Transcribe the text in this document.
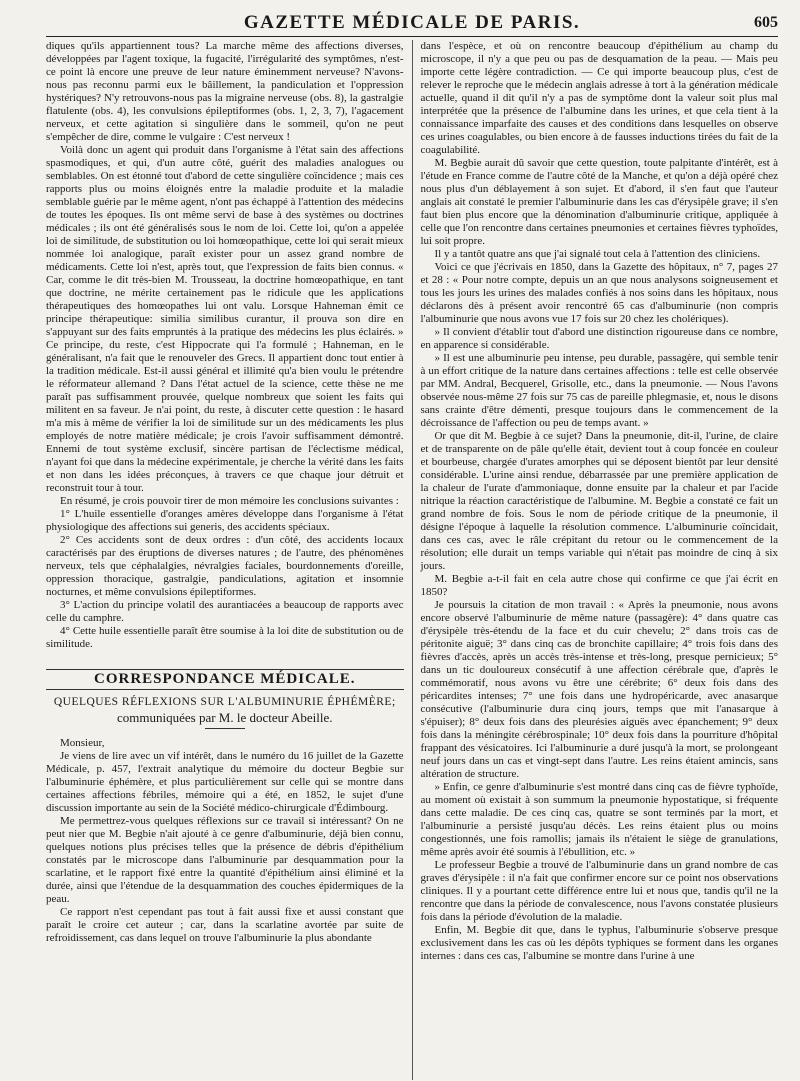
GAZETTE MÉDICALE DE PARIS.	605

diques qu'ils appartiennent tous? La marche même des affections diverses, développées par l'agent toxique, la fugacité, l'irrégularité des symptômes, n'est-ce point là encore une preuve de leur nature éminemment nerveuse? N'avons-nous pas reconnu parmi eux le bâillement, la pandiculation et l'oppression hystériques? N'y retrouvons-nous pas la migraine nerveuse (obs. 8), la gastralgie flatulente (obs. 4), les convulsions épileptiformes (obs. 1, 2, 3, 7), l'agacement nerveux, et cette agitation si singulière dans le sommeil, qu'on ne peut s'empêcher de dire, comme le vulgaire : C'est nerveux !

Voilà donc un agent qui produit dans l'organisme à l'état sain des affections spasmodiques, et qui, d'un autre côté, guérit des maladies analogues ou semblables. On est étonné tout d'abord de cette singulière coïncidence ; mais ces rapports plus ou moins éloignés entre la maladie produite et la maladie semblable guérie par le même agent, n'ont pas échappé à l'attention des médecins de toutes les époques. Ils ont même servi de base à des systèmes ou doctrines médicales ; ils ont été généralisés sous le nom de loi. Cette loi, qu'on a appelée loi de similitude, de substitution ou loi homœopathique, cette loi qui serait mieux nommée loi analogique, paraît exister pour un assez grand nombre de médicaments. Cette loi n'est, après tout, que l'expression de faits bien connus. « Car, comme le dit très-bien M. Trousseau, la doctrine homœopathique, en tant que doctrine, ne mérite certainement pas le ridicule que les applications thérapeutiques des homœopathes lui ont valu. Lorsque Hahneman émit ce principe thérapeutique: similia similibus curantur, il prouva son dire en s'appuyant sur des faits empruntés à la pratique des médecins les plus éclairés. » Ce principe, du reste, c'est Hippocrate qui l'a formulé ; Hahneman, en le généralisant, n'a fait que le renouveler des Grecs. Il appartient donc tout entier à la tradition médicale. Est-il aussi général et illimité qu'a bien voulu le prétendre le réformateur allemand ? Dans l'état actuel de la science, cette thèse ne me paraît pas suffisamment prouvée, quelque nombreux que soient les faits qui militent en sa faveur. Je n'ai point, du reste, à discuter cette question : le hasard m'a mis à même de vérifier la loi de similitude sur un des médicaments les plus employés de notre matière médicale; je crois l'avoir suffisamment démontré. Ennemi de tout système exclusif, sincère partisan de l'éclectisme médical, n'ayant foi que dans la médecine expérimentale, je cherche la vérité dans les faits et non dans les idées préconçues, à travers ce que chaque jour détruit et reconstruit tour à tour.

En résumé, je crois pouvoir tirer de mon mémoire les conclusions suivantes :

1° L'huile essentielle d'oranges amères développe dans l'organisme à l'état physiologique des affections sui generis, des accidents spéciaux.

2° Ces accidents sont de deux ordres : d'un côté, des accidents locaux caractérisés par des éruptions de diverses natures ; de l'autre, des phénomènes nerveux, tels que céphalalgies, névralgies faciales, bourdonnements d'oreille, oppression thoracique, gastralgie, pandiculations, agitation et insomnie nocturnes, et même convulsions épileptiformes.

3° L'action du principe volatil des aurantiacées a beaucoup de rapports avec celle du camphre.

4° Cette huile essentielle paraît être soumise à la loi dite de substitution ou de similitude.

CORRESPONDANCE MÉDICALE.
QUELQUES RÉFLEXIONS SUR L'ALBUMINURIE ÉPHÉMÈRE;
communiquées par M. le docteur Abeille.

Monsieur,

Je viens de lire avec un vif intérêt, dans le numéro du 16 juillet de la Gazette Médicale, p. 457, l'extrait analytique du mémoire du docteur Begbie sur l'albuminurie éphémère, et plus particulièrement sur celle qui se montre dans certaines affections fébriles, mémoire qui a été, en 1852, le sujet d'une discussion importante au sein de la Société médico-chirurgicale d'Édimbourg.

Me permettrez-vous quelques réflexions sur ce travail si intéressant? On ne peut nier que M. Begbie n'ait ajouté à ce genre d'albuminurie, déjà bien connu, quelques notions plus précises telles que la présence de débris d'épithélium constatés par le microscope dans l'albuminurie par desquammation pour la scarlatine, et le rapport fixé entre la quantité d'épithélium ainsi éliminé et la durée, ainsi que l'étendue de la desquammation des couches épidermiques de la peau.

Ce rapport n'est cependant pas tout à fait aussi fixe et aussi constant que paraît le croire cet auteur ; car, dans la scarlatine avortée par suite de refroidissement, cas dans lequel on trouve l'albuminurie la plus abondante

dans l'espèce, et où on rencontre beaucoup d'épithélium au champ du microscope, il n'y a que peu ou pas de desquamation de la peau. — Mais peu importe cette légère contradiction. — Ce qui importe beaucoup plus, c'est de relever le reproche que le médecin anglais adresse à tort à la génération médicale actuelle, quand il dit qu'il n'y a pas de symptôme dont la valeur soit plus mal interprétée que la présence de l'albumine dans les urines, et que cela tient à la connaissance imparfaite des causes et des conditions dans lesquelles on observe ces urines coagulables, ou bien encore à de fausses inductions tirées du fait de la coagulabilité.

M. Begbie aurait dû savoir que cette question, toute palpitante d'intérêt, est à l'étude en France comme de l'autre côté de la Manche, et qu'on a déjà opéré chez nous plus d'un déblayement à son sujet. Et d'abord, il s'en faut que l'auteur anglais ait constaté le premier l'albuminurie dans les cas d'érysipèle grave; il s'en faut bien plus encore que la dénomination d'albuminurie critique, appliquée à celle que l'on rencontre dans certaines pneumonies et certaines fièvres typhoïdes, lui soit propre.

Il y a tantôt quatre ans que j'ai signalé tout cela à l'attention des cliniciens.

Voici ce que j'écrivais en 1850, dans la Gazette des hôpitaux, n° 7, pages 27 et 28 : « Pour notre compte, depuis un an que nous analysons soigneusement et tous les jours les urines des malades confiés à nos soins dans les hôpitaux, nous déclarons dès à présent avoir rencontré 65 cas d'albuminurie (non compris l'albuminurie que nous avons vue 17 fois sur 20 chez les cholériques).

» Il convient d'établir tout d'abord une distinction rigoureuse dans ce nombre, en apparence si considérable.

» Il est une albuminurie peu intense, peu durable, passagère, qui semble tenir à un effort critique de la nature dans certaines affections : telle est celle observée par MM. Andral, Becquerel, Grisolle, etc., dans la pneumonie. — Nous l'avons observée nous-même 27 fois sur 75 cas de pareille phlegmasie, et, nous le disons sans crainte d'être démenti, presque toujours dans le commencement de la décroissance de l'affection ou peu de temps avant. »

Or que dit M. Begbie à ce sujet? Dans la pneumonie, dit-il, l'urine, de claire et de transparente on de pâle qu'elle était, devient tout à coup foncée en couleur et bourbeuse, chargée d'urates amorphes qui se déposent bientôt par leur densité considérable. L'urine ainsi rendue, débarrassée par une première application de la chaleur de l'urate d'ammoniaque, donne ensuite par la chaleur et par l'acide nitrique la réaction caractéristique de l'albumine. M. Begbie a constaté ce fait un grand nombre de fois. Sous le nom de période critique de la pneumonie, il désigne l'époque à laquelle la résolution commence. L'albuminurie coïncidait, dans ces cas, avec le râle crépitant du retour ou le commencement de la résolution; elle durait un temps variable qui n'était pas moindre de cinq à six jours.

M. Begbie a-t-il fait en cela autre chose qui confirme ce que j'ai écrit en 1850?

Je poursuis la citation de mon travail : « Après la pneumonie, nous avons encore observé l'albuminurie de même nature (passagère): 4° dans quatre cas d'érysipèle très-étendu de la face et du cuir chevelu; 2° dans trois cas de péritonite aiguë; 3° dans cinq cas de bronchite capillaire; 4° trois fois dans des fièvres d'accès, après un accès très-intense et très-long, presque pernicieux; 5° dans un tic douloureux consécutif à une affection cérébrale que, d'après le commémoratif, nous avons vu être une cérébrite; 6° deux fois dans des péricardites intenses; 7° une fois dans une hydropéricarde, avec anasarque consécutive (l'albuminurie dura cinq jours, temps que mit l'anasarque à s'épuiser); 8° deux fois dans des pleurésies aiguës avec épanchement; 9° deux fois dans la méningite cérébrospinale; 10° deux fois dans la pourriture d'hôpital frappant des vésicatoires. Ici l'albuminurie a duré jusqu'à la mort, se prolongeant neuf jours dans un cas et vingt-sept dans l'autre. Les reins étaient amincis, sans altération de structure.

» Enfin, ce genre d'albuminurie s'est montré dans cinq cas de fièvre typhoïde, au moment où existait à son summum la pneumonie hypostatique, si fréquente dans cette maladie. De ces cinq cas, quatre se sont terminés par la mort, et l'albuminurie a persisté jusqu'au décès. Les reins étaient plus ou moins congestionnés, une fois ramollis; jamais ils n'étaient le siège de granulations, même après avoir été soumis à l'ébullition, etc. »

Le professeur Begbie a trouvé de l'albuminurie dans un grand nombre de cas graves d'érysipèle : il n'a fait que confirmer encore sur ce point nos observations cliniques. Il y a pourtant cette différence entre lui et nous que, tandis qu'il ne la rencontre que dans la période de convalescence, nous l'avons constatée plusieurs fois dans la période d'évolution de la maladie.

Enfin, M. Begbie dit que, dans le typhus, l'albuminurie s'observe presque exclusivement dans les cas où les dépôts typhiques se forment dans les organes internes : dans ces cas, l'albumine se montre dans l'urine à une
